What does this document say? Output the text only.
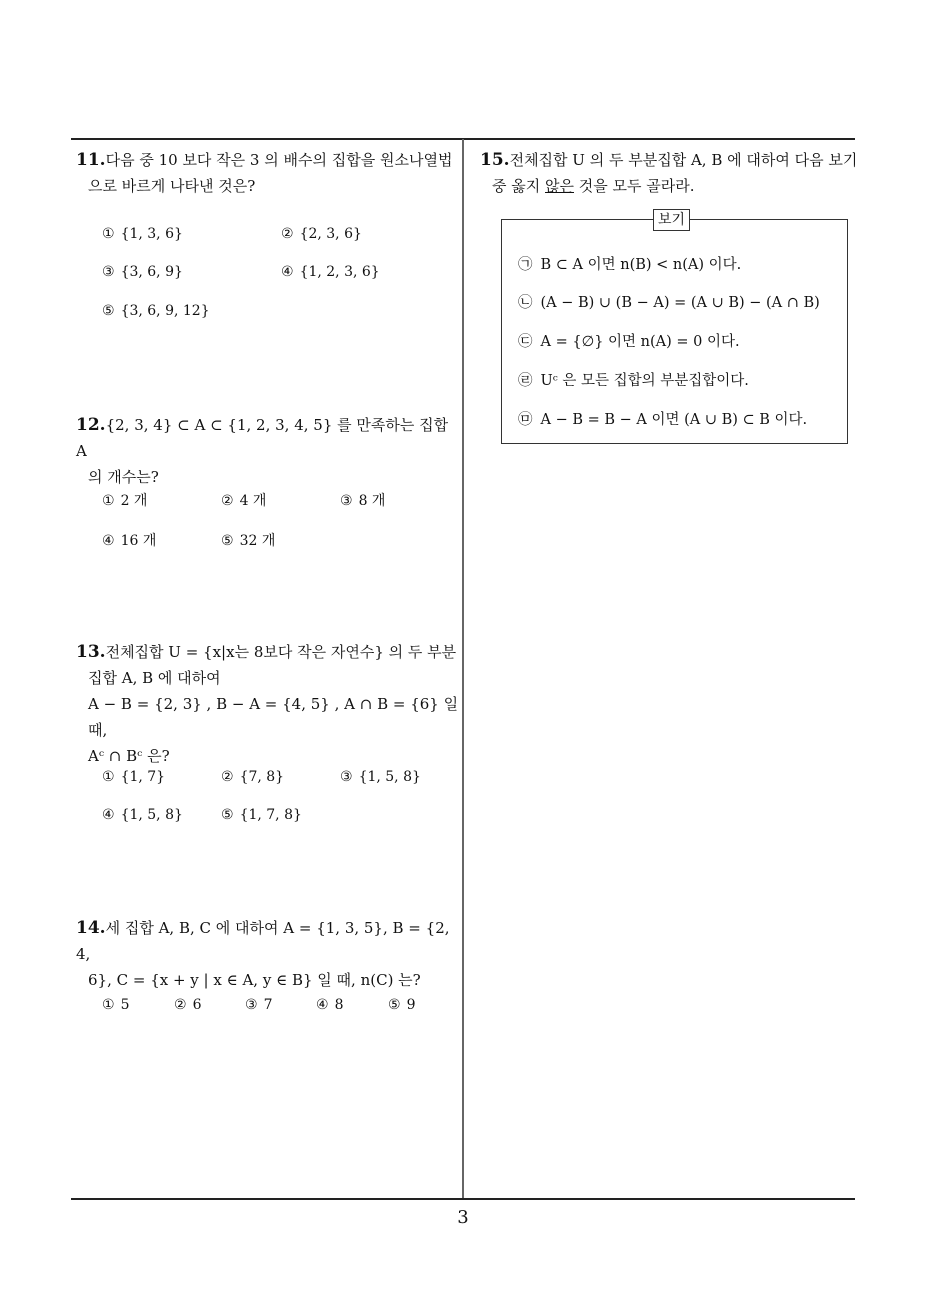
11.다음 중 10 보다 작은 3 의 배수의 집합을 원소나열법
으로 바르게 나타낸 것은?
① {1, 3, 6}	② {2, 3, 6}
③ {3, 6, 9}	④ {1, 2, 3, 6}
⑤ {3, 6, 9, 12}
12.{2, 3, 4} ⊂ A ⊂ {1, 2, 3, 4, 5} 를 만족하는 집합 A
의 개수는?
① 2 개	② 4 개	③ 8 개
④ 16 개	⑤ 32 개
13.전체집합 U = {x|x는 8보다 작은 자연수} 의 두 부분
집합 A, B 에 대하여
A − B = {2, 3} , B − A = {4, 5} , A ∩ B = {6} 일 때,
Aᶜ ∩ Bᶜ 은?
① {1, 7}	② {7, 8}	③ {1, 5, 8}
④ {1, 5, 8}	⑤ {1, 7, 8}
14.세 집합 A, B, C 에 대하여 A = {1, 3, 5}, B = {2, 4,
6}, C = {x + y | x ∈ A, y ∈ B} 일 때, n(C) 는?
① 5	② 6	③ 7	④ 8	⑤ 9
15.전체집합 U 의 두 부분집합 A, B 에 대하여 다음 보기
중 옳지 않은 것을 모두 골라라.
보기
㉠ B ⊂ A 이면 n(B) < n(A) 이다.
㉡ (A − B) ∪ (B − A) = (A ∪ B) − (A ∩ B)
㉢ A = {∅} 이면 n(A) = 0 이다.
㉣ Uᶜ 은 모든 집합의 부분집합이다.
㉤ A − B = B − A 이면 (A ∪ B) ⊂ B 이다.
3
